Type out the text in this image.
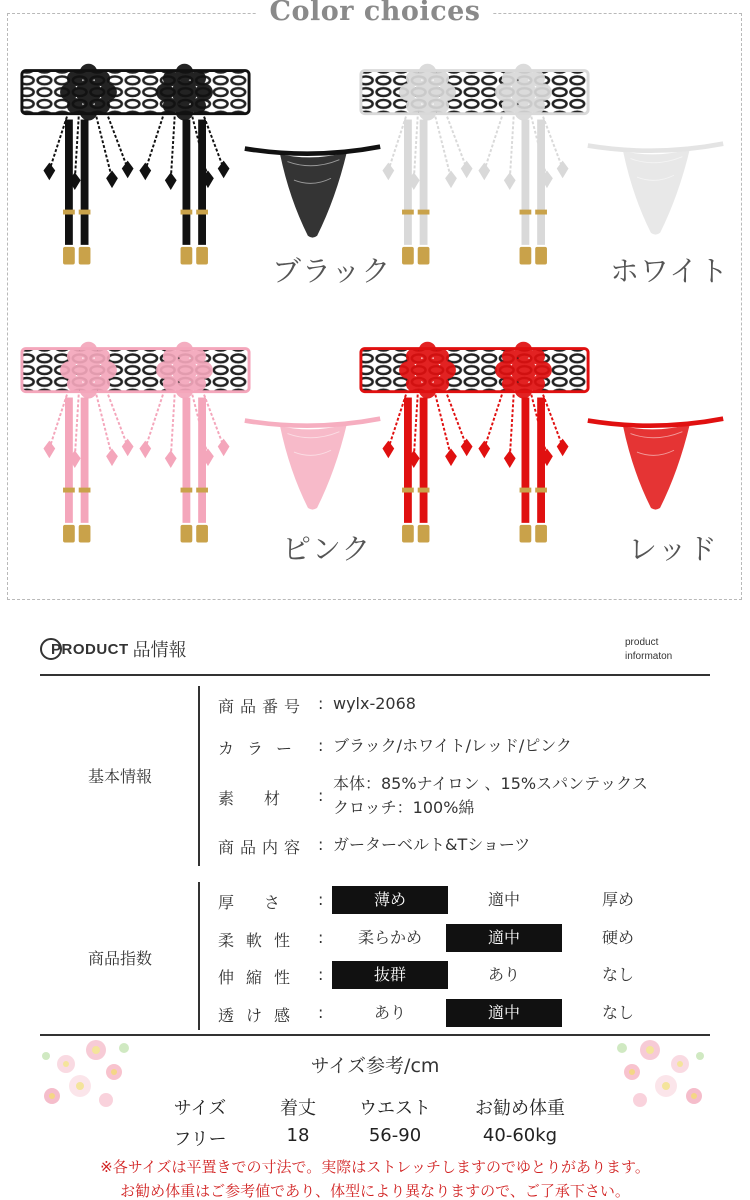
Color choices
ブラック	ホワイト
ピンク	レッド
PRODUCT 品情報	product
informaton
基本情報
商品番号 : wylx-2068
カラー : ブラック/ホワイト/レッド/ピンク
素材 :
本体：85%ナイロン 、15%スパンテックス
クロッチ：100%綿
商品内容 : ガーターベルト&Tショーツ
商品指数
厚さ :	薄め	適中	厚め
柔軟性 :	柔らかめ	適中	硬め
伸縮性 :	抜群	あり	なし
透け感 :	あり	適中	なし
サイズ参考/cm
サイズ	着丈	ウエスト	お勧め体重
フリー	18	56-90	40-60kg
※各サイズは平置きでの寸法で。実際はストレッチしますのでゆとりがあります。
お勧め体重はご参考値であり、体型により異なりますので、ご了承下さい。
